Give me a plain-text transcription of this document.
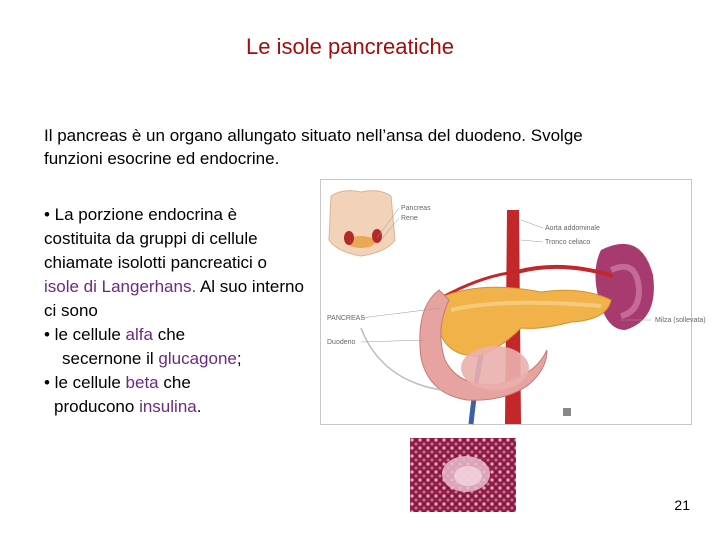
Le isole pancreatiche
Il pancreas è un organo allungato situato nell’ansa del duodeno. Svolge funzioni esocrine ed endocrine.

• La porzione endocrina è costituita da gruppi di cellule chiamate isolotti pancreatici o isole di Langerhans. Al suo interno ci sono

• le cellule alfa che

secernone il glucagone;

• le cellule beta che

producono insulina.

Pancreas
Rene
Aorta addominale
Tronco celiaco
PANCREAS
Duodeno
Milza (sollevata)
21
